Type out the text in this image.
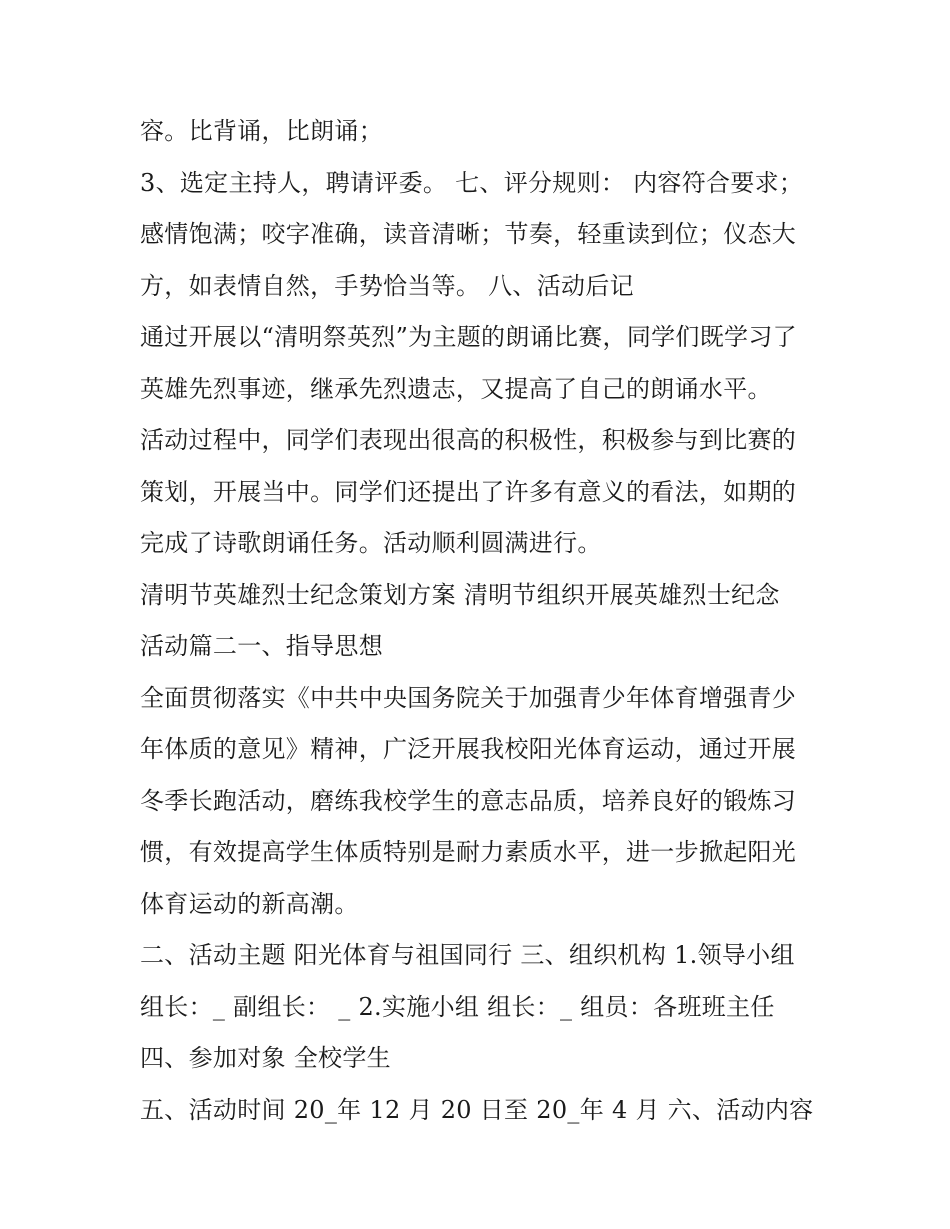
容。比背诵，比朗诵；
3、选定主持人，聘请评委。 七、评分规则： 内容符合要求；
感情饱满；咬字准确，读音清晰；节奏，轻重读到位；仪态大
方，如表情自然，手势恰当等。 八、活动后记
通过开展以“清明祭英烈”为主题的朗诵比赛，同学们既学习了
英雄先烈事迹，继承先烈遗志，又提高了自己的朗诵水平。
活动过程中，同学们表现出很高的积极性，积极参与到比赛的
策划，开展当中。同学们还提出了许多有意义的看法，如期的
完成了诗歌朗诵任务。活动顺利圆满进行。
清明节英雄烈士纪念策划方案 清明节组织开展英雄烈士纪念
活动篇二一、指导思想
全面贯彻落实《中共中央国务院关于加强青少年体育增强青少
年体质的意见》精神，广泛开展我校阳光体育运动，通过开展
冬季长跑活动，磨练我校学生的意志品质，培养良好的锻炼习
惯，有效提高学生体质特别是耐力素质水平，进一步掀起阳光
体育运动的新高潮。
二、活动主题 阳光体育与祖国同行 三、组织机构 1.领导小组
组长：_ 副组长： _ 2.实施小组 组长：_ 组员：各班班主任
四、参加对象 全校学生
五、活动时间 20_年 12 月 20 日至 20_年 4 月 六、活动内容
